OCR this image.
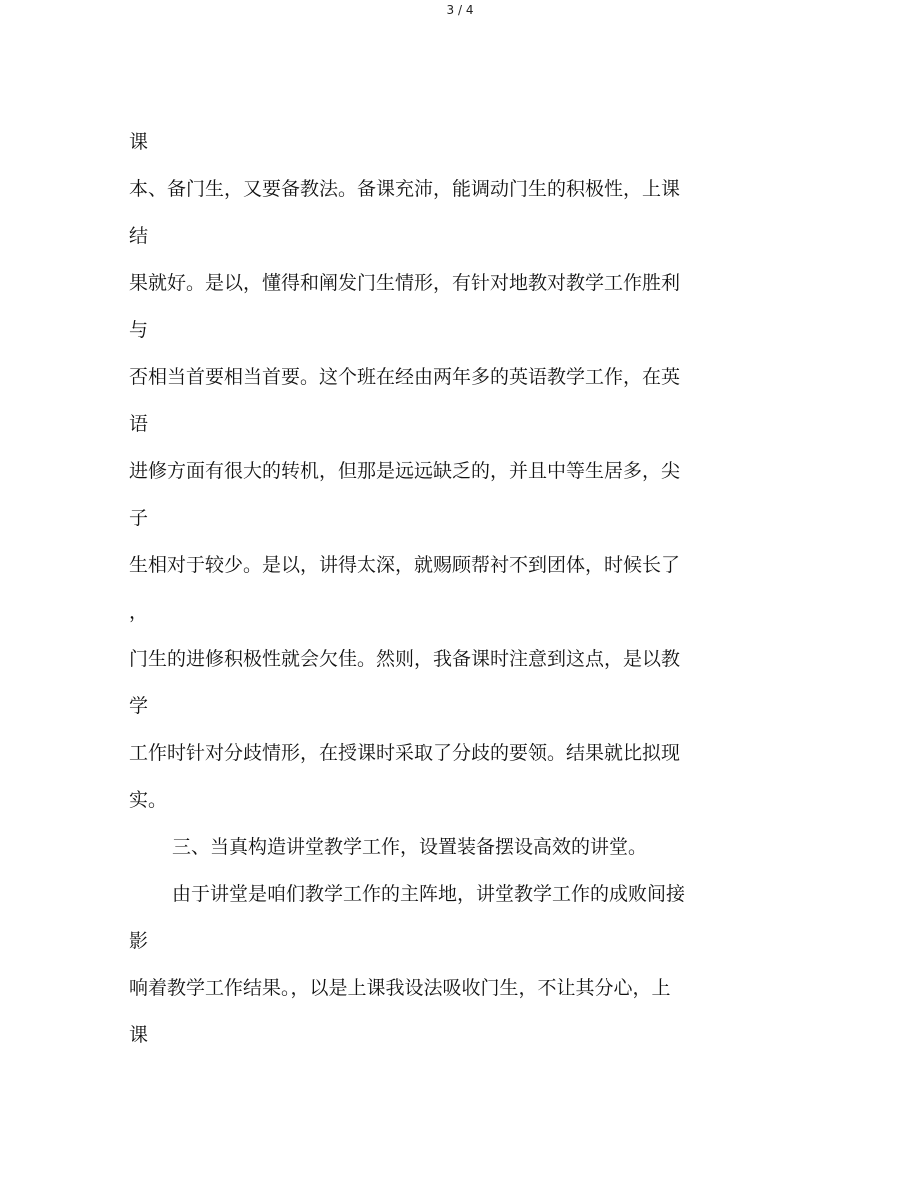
3 / 4
课
本、备门生，又要备教法。备课充沛，能调动门生的积极性，上课
结
果就好。是以，懂得和阐发门生情形，有针对地教对教学工作胜利
与
否相当首要相当首要。这个班在经由两年多的英语教学工作，在英
语
进修方面有很大的转机，但那是远远缺乏的，并且中等生居多，尖
子
生相对于较少。是以，讲得太深，就赐顾帮衬不到团体，时候长了
，
门生的进修积极性就会欠佳。然则，我备课时注意到这点，是以教
学
工作时针对分歧情形，在授课时采取了分歧的要领。结果就比拟现
实。
三、当真构造讲堂教学工作，设置装备摆设高效的讲堂。
由于讲堂是咱们教学工作的主阵地，讲堂教学工作的成败间接
影
响着教学工作结果。，以是上课我设法吸收门生，不让其分心，上
课
